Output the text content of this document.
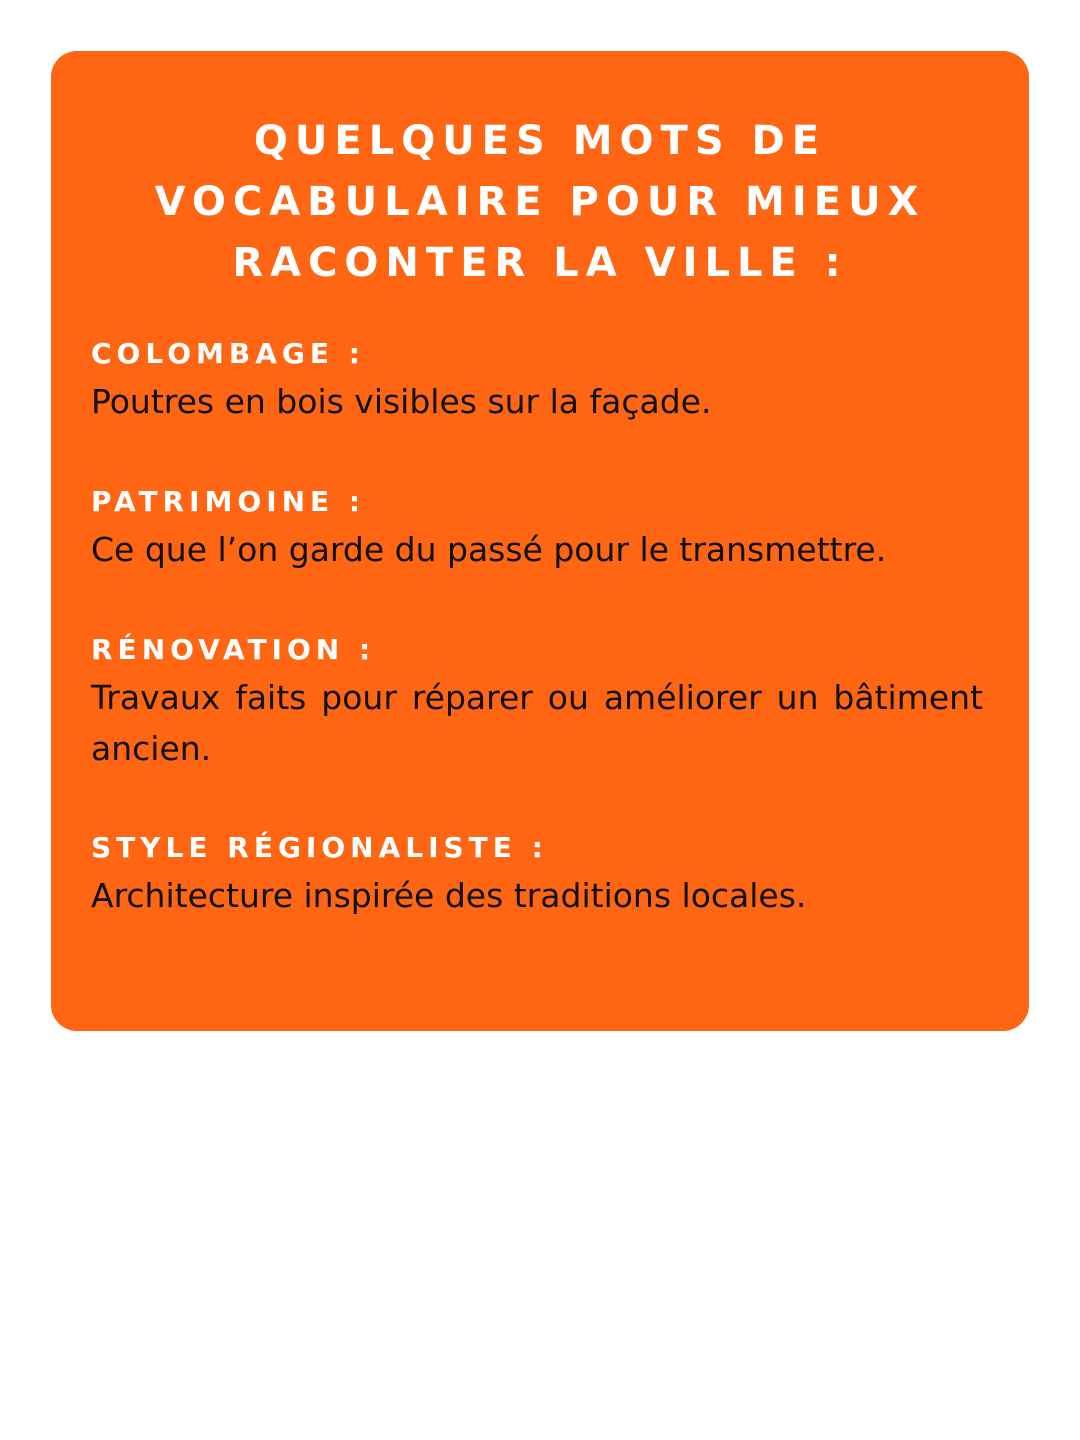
QUELQUES MOTS DE
VOCABULAIRE POUR MIEUX
RACONTER LA VILLE :

COLOMBAGE :

Poutres en bois visibles sur la façade.

PATRIMOINE :

Ce que l’on garde du passé pour le transmettre.

RÉNOVATION :

Travaux faits pour réparer ou améliorer un bâtiment ancien.

STYLE RÉGIONALISTE :

Architecture inspirée des traditions locales.
